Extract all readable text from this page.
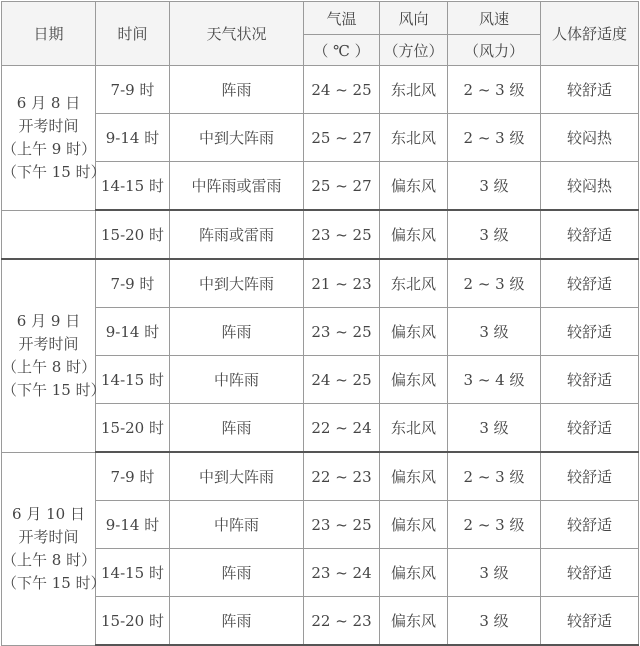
日期	时间	天气状况	气温	风向	风速	人体舒适度
			（ ℃ ）	（方位）	（风力）	

6 月 8 日
开考时间
（上午 9 时）
（下午 15 时）	7-9 时	阵雨	24 ~ 25	东北风	2 ~ 3 级	较舒适
	9-14 时	中到大阵雨	25 ~ 27	东北风	2 ~ 3 级	较闷热
	14-15 时	中阵雨或雷雨	25 ~ 27	偏东风	3 级	较闷热
	15-20 时	阵雨或雷雨	23 ~ 25	偏东风	3 级	较舒适

6 月 9 日
开考时间
（上午 8 时）
（下午 15 时）	7-9 时	中到大阵雨	21 ~ 23	东北风	2 ~ 3 级	较舒适
	9-14 时	阵雨	23 ~ 25	偏东风	3 级	较舒适
	14-15 时	中阵雨	24 ~ 25	偏东风	3 ~ 4 级	较舒适
	15-20 时	阵雨	22 ~ 24	东北风	3 级	较舒适

6 月 10 日
开考时间
（上午 8 时）
（下午 15 时）	7-9 时	中到大阵雨	22 ~ 23	偏东风	2 ~ 3 级	较舒适
	9-14 时	中阵雨	23 ~ 25	偏东风	2 ~ 3 级	较舒适
	14-15 时	阵雨	23 ~ 24	偏东风	3 级	较舒适
	15-20 时	阵雨	22 ~ 23	偏东风	3 级	较舒适
